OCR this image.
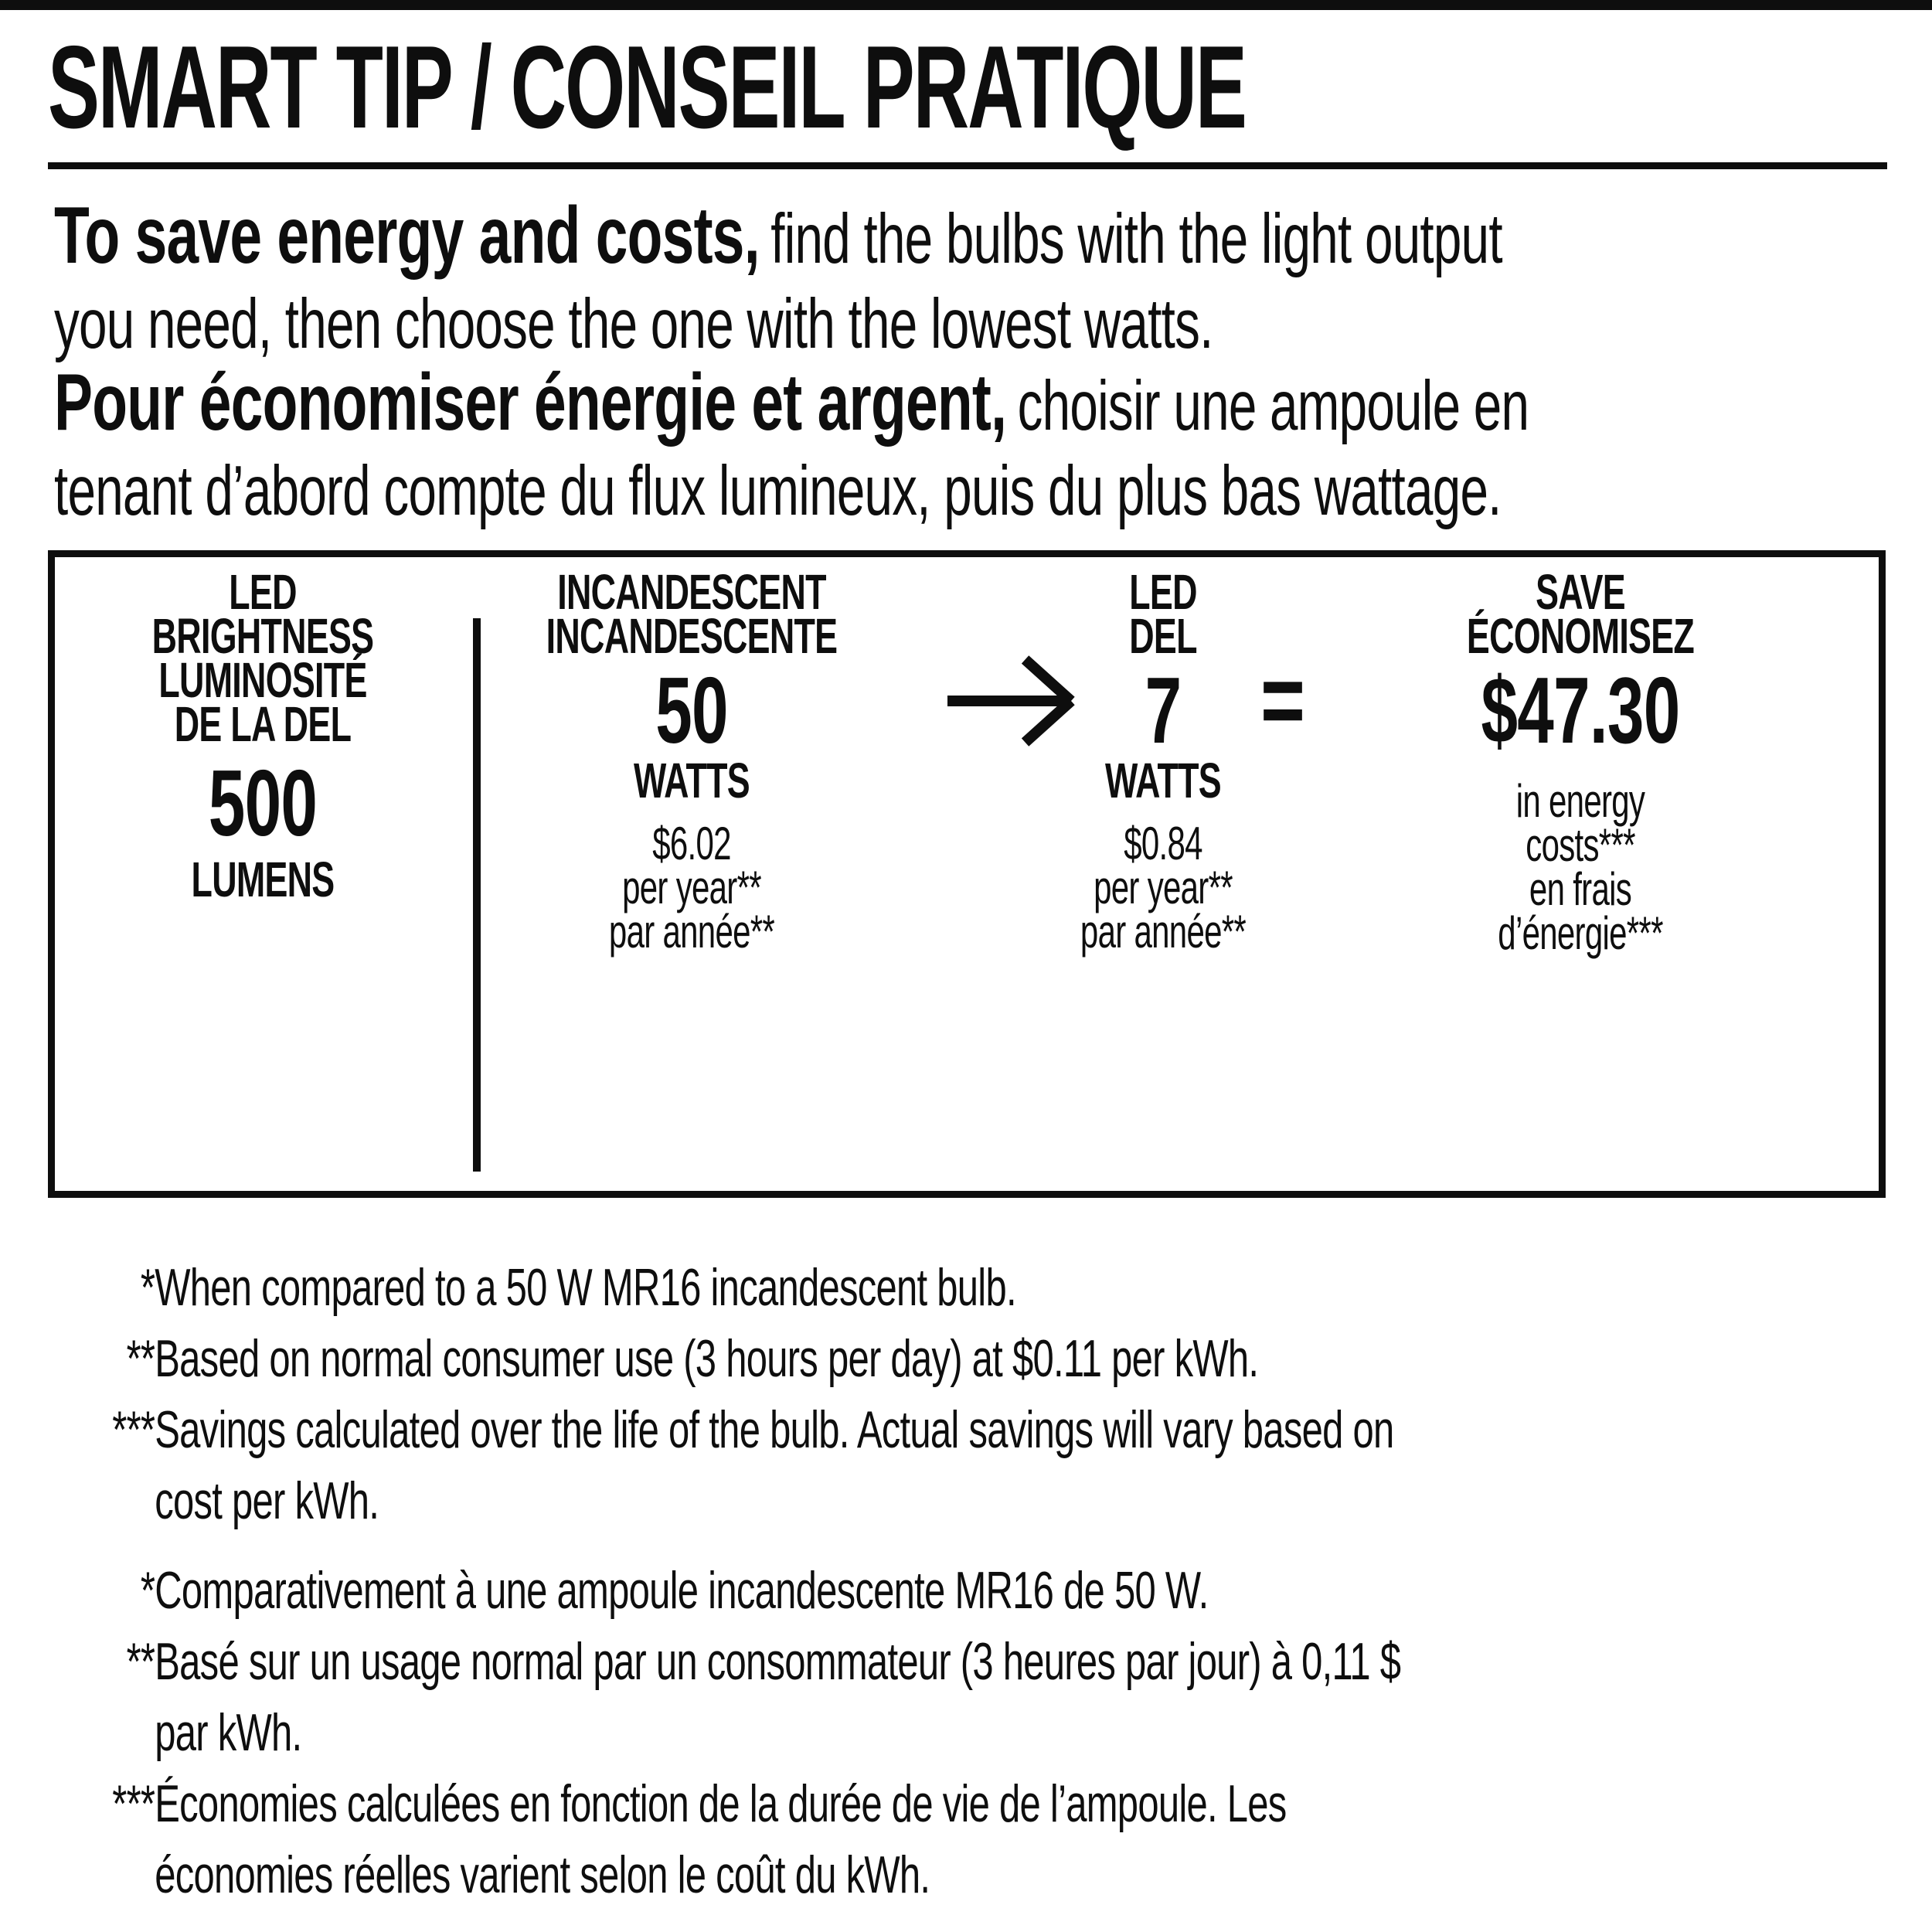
SMART TIP / CONSEIL PRATIQUE

To save energy and costs, find the bulbs with the light output
you need, then choose the one with the lowest watts.

Pour économiser énergie et argent, choisir une ampoule en
tenant d’abord compte du flux lumineux, puis du plus bas wattage.

LED
BRIGHTNESS
LUMINOSITÉ
DE LA DEL
500
LUMENS
INCANDESCENT
INCANDESCENTE
50
WATTS
$6.02
per year**
par année**
LED
DEL
7
WATTS
$0.84
per year**
par année**
=
SAVE
ÉCONOMISEZ
$47.30
in energy
costs***
en frais
d’énergie***
* When compared to a 50 W MR16 incandescent bulb.
** Based on normal consumer use (3 hours per day) at $0.11 per kWh.
*** Savings calculated over the life of the bulb. Actual savings will vary based on
cost per kWh.
* Comparativement à une ampoule incandescente MR16 de 50 W.
** Basé sur un usage normal par un consommateur (3 heures par jour) à 0,11 $
par kWh.
*** Économies calculées en fonction de la durée de vie de l’ampoule. Les
économies réelles varient selon le coût du kWh.
